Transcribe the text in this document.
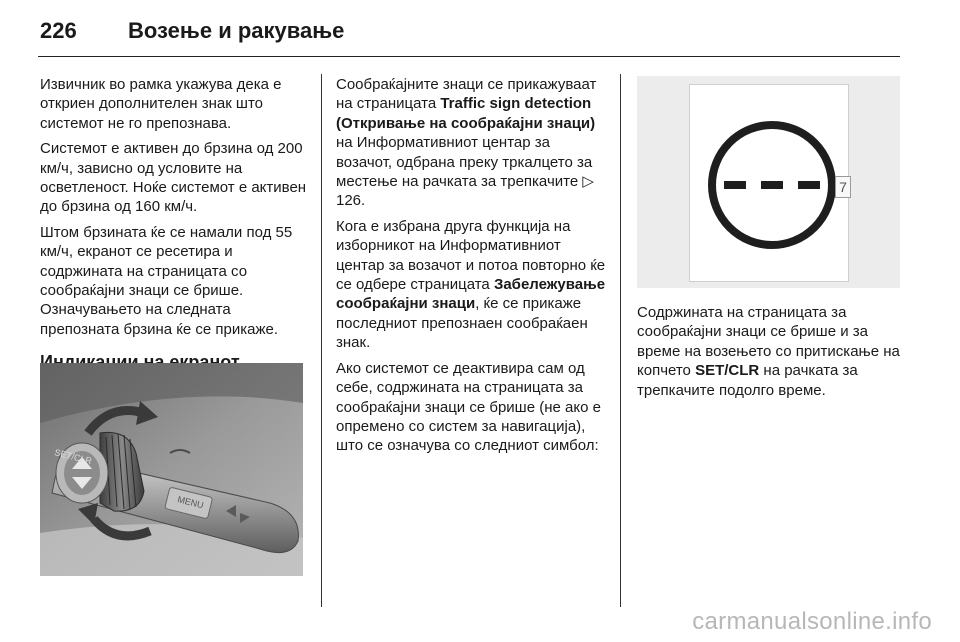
226 Возење и ракување

Извичник во рамка укажува дека е откриен дополнителен знак што системот не го препознава.

Системот е активен до брзина од 200 км/ч, зависно од условите на осветленост. Ноќе системот е активен до брзина од 160 км/ч.

Штом брзината ќе се намали под 55 км/ч, екранот се ресетира и содржината на страницата со сообраќајни знаци се брише. Означувањето на следната препозната брзина ќе се прикаже.

SET/CLR
MENU

Сообраќајните знаци се прикажуваат на страницата Traffic sign detection (Откривање на сообраќајни знаци) на Информативниот центар за возачот, одбрана преку тркалцето за местење на рачката за трепкачите ▷ 126.

Кога е избрана друга функција на изборникот на Информативниот центар за возачот и потоа повторно ќе се одбере страницата Забележување сообраќајни знаци, ќе се прикаже последниот препознаен сообраќаен знак.

Ако системот се деактивира сам од себе, содржината на страницата за сообраќајни знаци се брише (не ако е опремено со систем за навигација), што се означува со следниот симбол:

7

Содржината на страницата за сообраќајни знаци се брише и за време на возењето со притискање на копчето SET/CLR на рачката за трепкачите подолго време.

carmanualsonline.info
